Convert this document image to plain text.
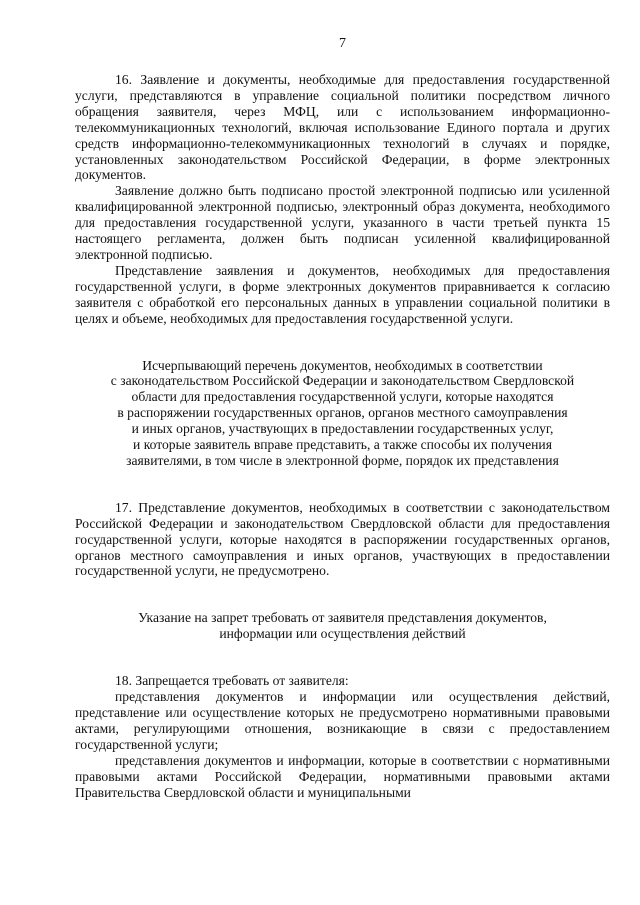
7

16. Заявление и документы, необходимые для предоставления государственной услуги, представляются в управление социальной политики посредством личного обращения заявителя, через МФЦ, или с использованием информационно-телекоммуникационных технологий, включая использование Единого портала и других средств информационно-телекоммуникационных технологий в случаях и порядке, установленных законодательством Российской Федерации, в форме электронных документов.

Заявление должно быть подписано простой электронной подписью или усиленной квалифицированной электронной подписью, электронный образ документа, необходимого для предоставления государственной услуги, указанного в части третьей пункта 15 настоящего регламента, должен быть подписан усиленной квалифицированной электронной подписью.

Представление заявления и документов, необходимых для предоставления государственной услуги, в форме электронных документов приравнивается к согласию заявителя с обработкой его персональных данных в управлении социальной политики в целях и объеме, необходимых для предоставления государственной услуги.

Исчерпывающий перечень документов, необходимых в соответствии
с законодательством Российской Федерации и законодательством Свердловской
области для предоставления государственной услуги, которые находятся
в распоряжении государственных органов, органов местного самоуправления
и иных органов, участвующих в предоставлении государственных услуг,
и которые заявитель вправе представить, а также способы их получения
заявителями, в том числе в электронной форме, порядок их представления

17. Представление документов, необходимых в соответствии с законодательством Российской Федерации и законодательством Свердловской области для предоставления государственной услуги, которые находятся в распоряжении государственных органов, органов местного самоуправления и иных органов, участвующих в предоставлении государственной услуги, не предусмотрено.

Указание на запрет требовать от заявителя представления документов,
информации или осуществления действий

18. Запрещается требовать от заявителя:

представления документов и информации или осуществления действий, представление или осуществление которых не предусмотрено нормативными правовыми актами, регулирующими отношения, возникающие в связи с предоставлением государственной услуги;

представления документов и информации, которые в соответствии с нормативными правовыми актами Российской Федерации, нормативными правовыми актами Правительства Свердловской области и муниципальными
